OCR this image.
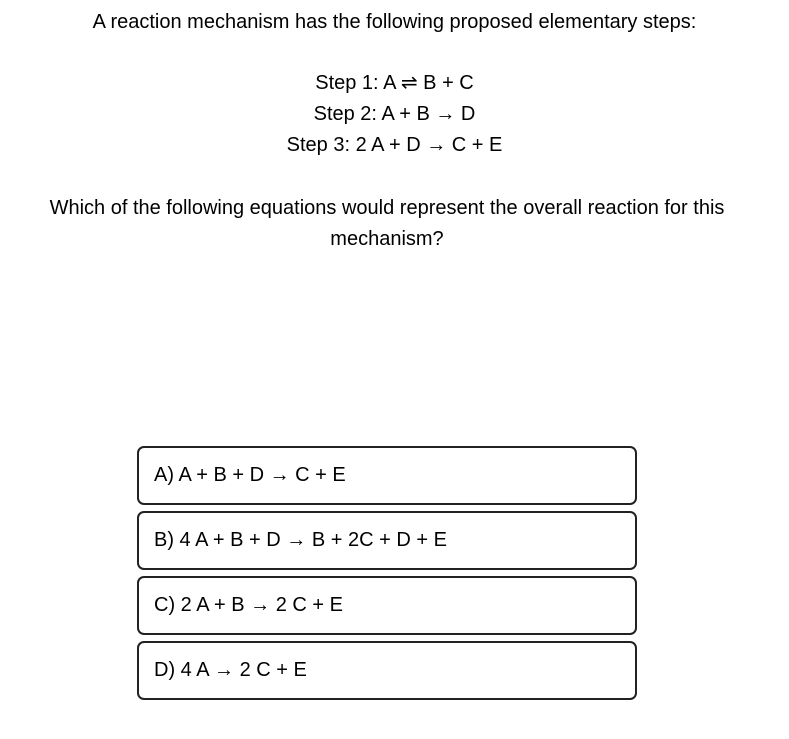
A reaction mechanism has the following proposed elementary steps:

Step 1: A ⇌ B + C
Step 2: A + B → D
Step 3: 2 A + D → C + E

Which of the following equations would represent the overall reaction for this mechanism?

A) A + B + D → C + E
B) 4 A + B + D → B + 2C + D + E
C) 2 A + B → 2 C + E
D) 4 A → 2 C + E
